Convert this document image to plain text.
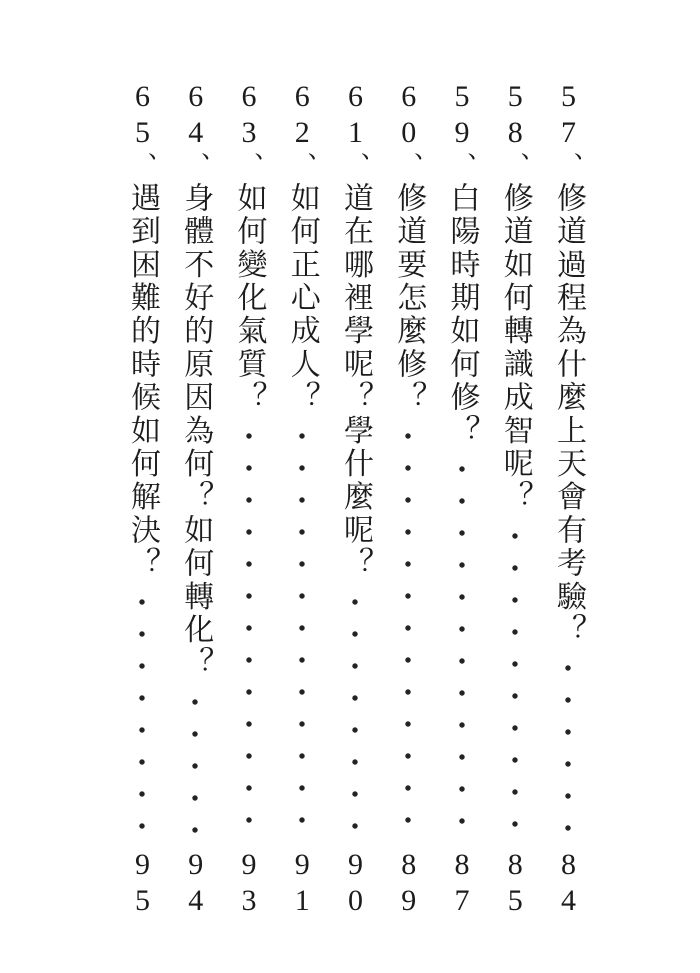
57
、
修道過程為什麼上天會有考驗？
84
58
、
修道如何轉識成智呢？
85
59
、
白陽時期如何修？
87
60
、
修道要怎麼修？
89
61
、
道在哪裡學呢？學什麼呢？
90
62
、
如何正心成人？
91
63
、
如何變化氣質？
93
64
、
身體不好的原因為何？如何轉化？
94
65
、
遇到困難的時候如何解決？
95
